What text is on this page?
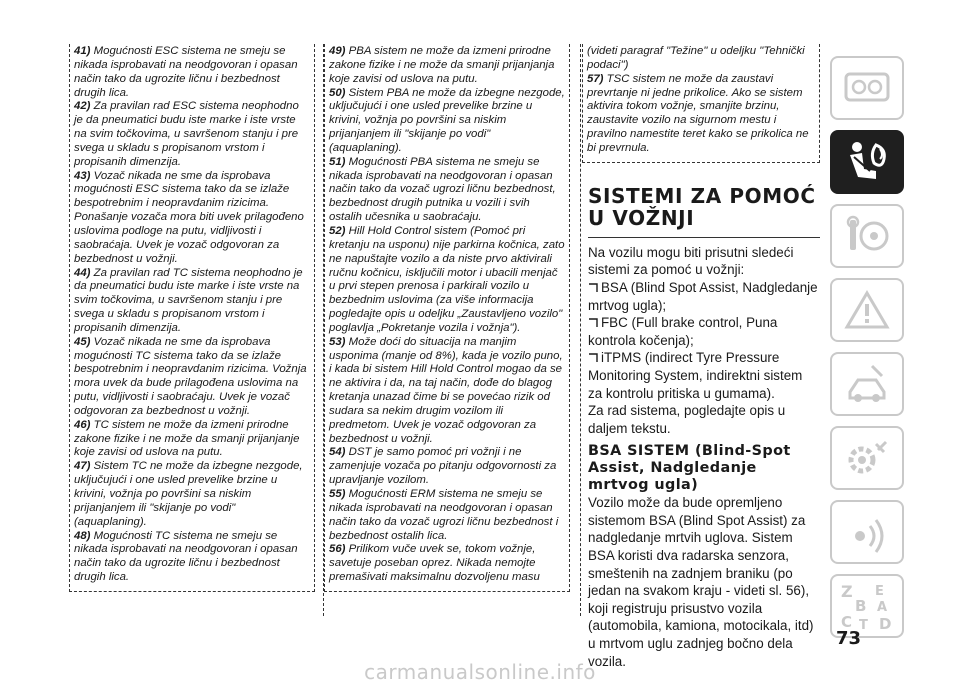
41) Mogućnosti ESC sistema ne smeju se nikada isprobavati na neodgovoran i opasan način tako da ugrozite ličnu i bezbednost drugih lica.

42) Za pravilan rad ESC sistema neophodno je da pneumatici budu iste marke i iste vrste na svim točkovima, u savršenom stanju i pre svega u skladu s propisanom vrstom i propisanih dimenzija.

43) Vozač nikada ne sme da isprobava mogućnosti ESC sistema tako da se izlaže bespotrebnim i neopravdanim rizicima. Ponašanje vozača mora biti uvek prilagođeno uslovima podloge na putu, vidljivosti i saobraćaja. Uvek je vozač odgovoran za bezbednost u vožnji.

44) Za pravilan rad TC sistema neophodno je da pneumatici budu iste marke i iste vrste na svim točkovima, u savršenom stanju i pre svega u skladu s propisanom vrstom i propisanih dimenzija.

45) Vozač nikada ne sme da isprobava mogućnosti TC sistema tako da se izlaže bespotrebnim i neopravdanim rizicima. Vožnja mora uvek da bude prilagođena uslovima na putu, vidljivosti i saobraćaju. Uvek je vozač odgovoran za bezbednost u vožnji.

46) TC sistem ne može da izmeni prirodne zakone fizike i ne može da smanji prijanjanje koje zavisi od uslova na putu.

47) Sistem TC ne može da izbegne nezgode, uključujući i one usled prevelike brzine u krivini, vožnja po površini sa niskim prijanjanjem ili "skijanje po vodi" (aquaplaning).

48) Mogućnosti TC sistema ne smeju se nikada isprobavati na neodgovoran i opasan način tako da ugrozite ličnu i bezbednost drugih lica.

49) PBA sistem ne može da izmeni prirodne zakone fizike i ne može da smanji prijanjanja koje zavisi od uslova na putu.

50) Sistem PBA ne može da izbegne nezgode, uključujući i one usled prevelike brzine u krivini, vožnja po površini sa niskim prijanjanjem ili "skijanje po vodi" (aquaplaning).

51) Mogućnosti PBA sistema ne smeju se nikada isprobavati na neodgovoran i opasan način tako da vozač ugrozi ličnu bezbednost, bezbednost drugih putnika u vozili i svih ostalih učesnika u saobraćaju.

52) Hill Hold Control sistem (Pomoć pri kretanju na usponu) nije parkirna kočnica, zato ne napuštajte vozilo a da niste prvo aktivirali ručnu kočnicu, isključili motor i ubacili menjač u prvi stepen prenosa i parkirali vozilo u bezbednim uslovima (za više informacija pogledajte opis u odeljku „Zaustavljeno vozilo" poglavlja „Pokretanje vozila i vožnja").

53) Može doći do situacija na manjim usponima (manje od 8%), kada je vozilo puno, i kada bi sistem Hill Hold Control mogao da se ne aktivira i da, na taj način, dođe do blagog kretanja unazad čime bi se povećao rizik od sudara sa nekim drugim vozilom ili predmetom. Uvek je vozač odgovoran za bezbednost u vožnji.

54) DST je samo pomoć pri vožnji i ne zamenjuje vozača po pitanju odgovornosti za upravljanje vozilom.

55) Mogućnosti ERM sistema ne smeju se nikada isprobavati na neodgovoran i opasan način tako da vozač ugrozi ličnu bezbednost i bezbednost ostalih lica.

56) Prilikom vuče uvek se, tokom vožnje, savetuje poseban oprez. Nikada nemojte premašivati maksimalnu dozvoljenu masu

(videti paragraf "Težine" u odeljku "Tehnički podaci")

57) TSC sistem ne može da zaustavi prevrtanje ni jedne prikolice. Ako se sistem aktivira tokom vožnje, smanjite brzinu, zaustavite vozilo na sigurnom mestu i pravilno namestite teret kako se prikolica ne bi prevrnula.

SISTEMI ZA POMOĆ U VOŽNJI

Na vozilu mogu biti prisutni sledeći sistemi za pomoć u vožnji:

BSA (Blind Spot Assist, Nadgledanje mrtvog ugla);

FBC (Full brake control, Puna kontrola kočenja);

iTPMS (indirect Tyre Pressure Monitoring System, indirektni sistem za kontrolu pritiska u gumama).

Za rad sistema, pogledajte opis u daljem tekstu.

BSA SISTEM (Blind-Spot Assist, Nadgledanje mrtvog ugla)

Vozilo može da bude opremljeno sistemom BSA (Blind Spot Assist) za nadgledanje mrtvih uglova. Sistem BSA koristi dva radarska senzora, smeštenih na zadnjem braniku (po jedan na svakom kraju - videti sl. 56), koji registruju prisustvo vozila (automobila, kamiona, motocikala, itd) u mrtvom uglu zadnjeg bočno dela vozila.

Z E
B A
C T D
73
carmanualsonline.info
